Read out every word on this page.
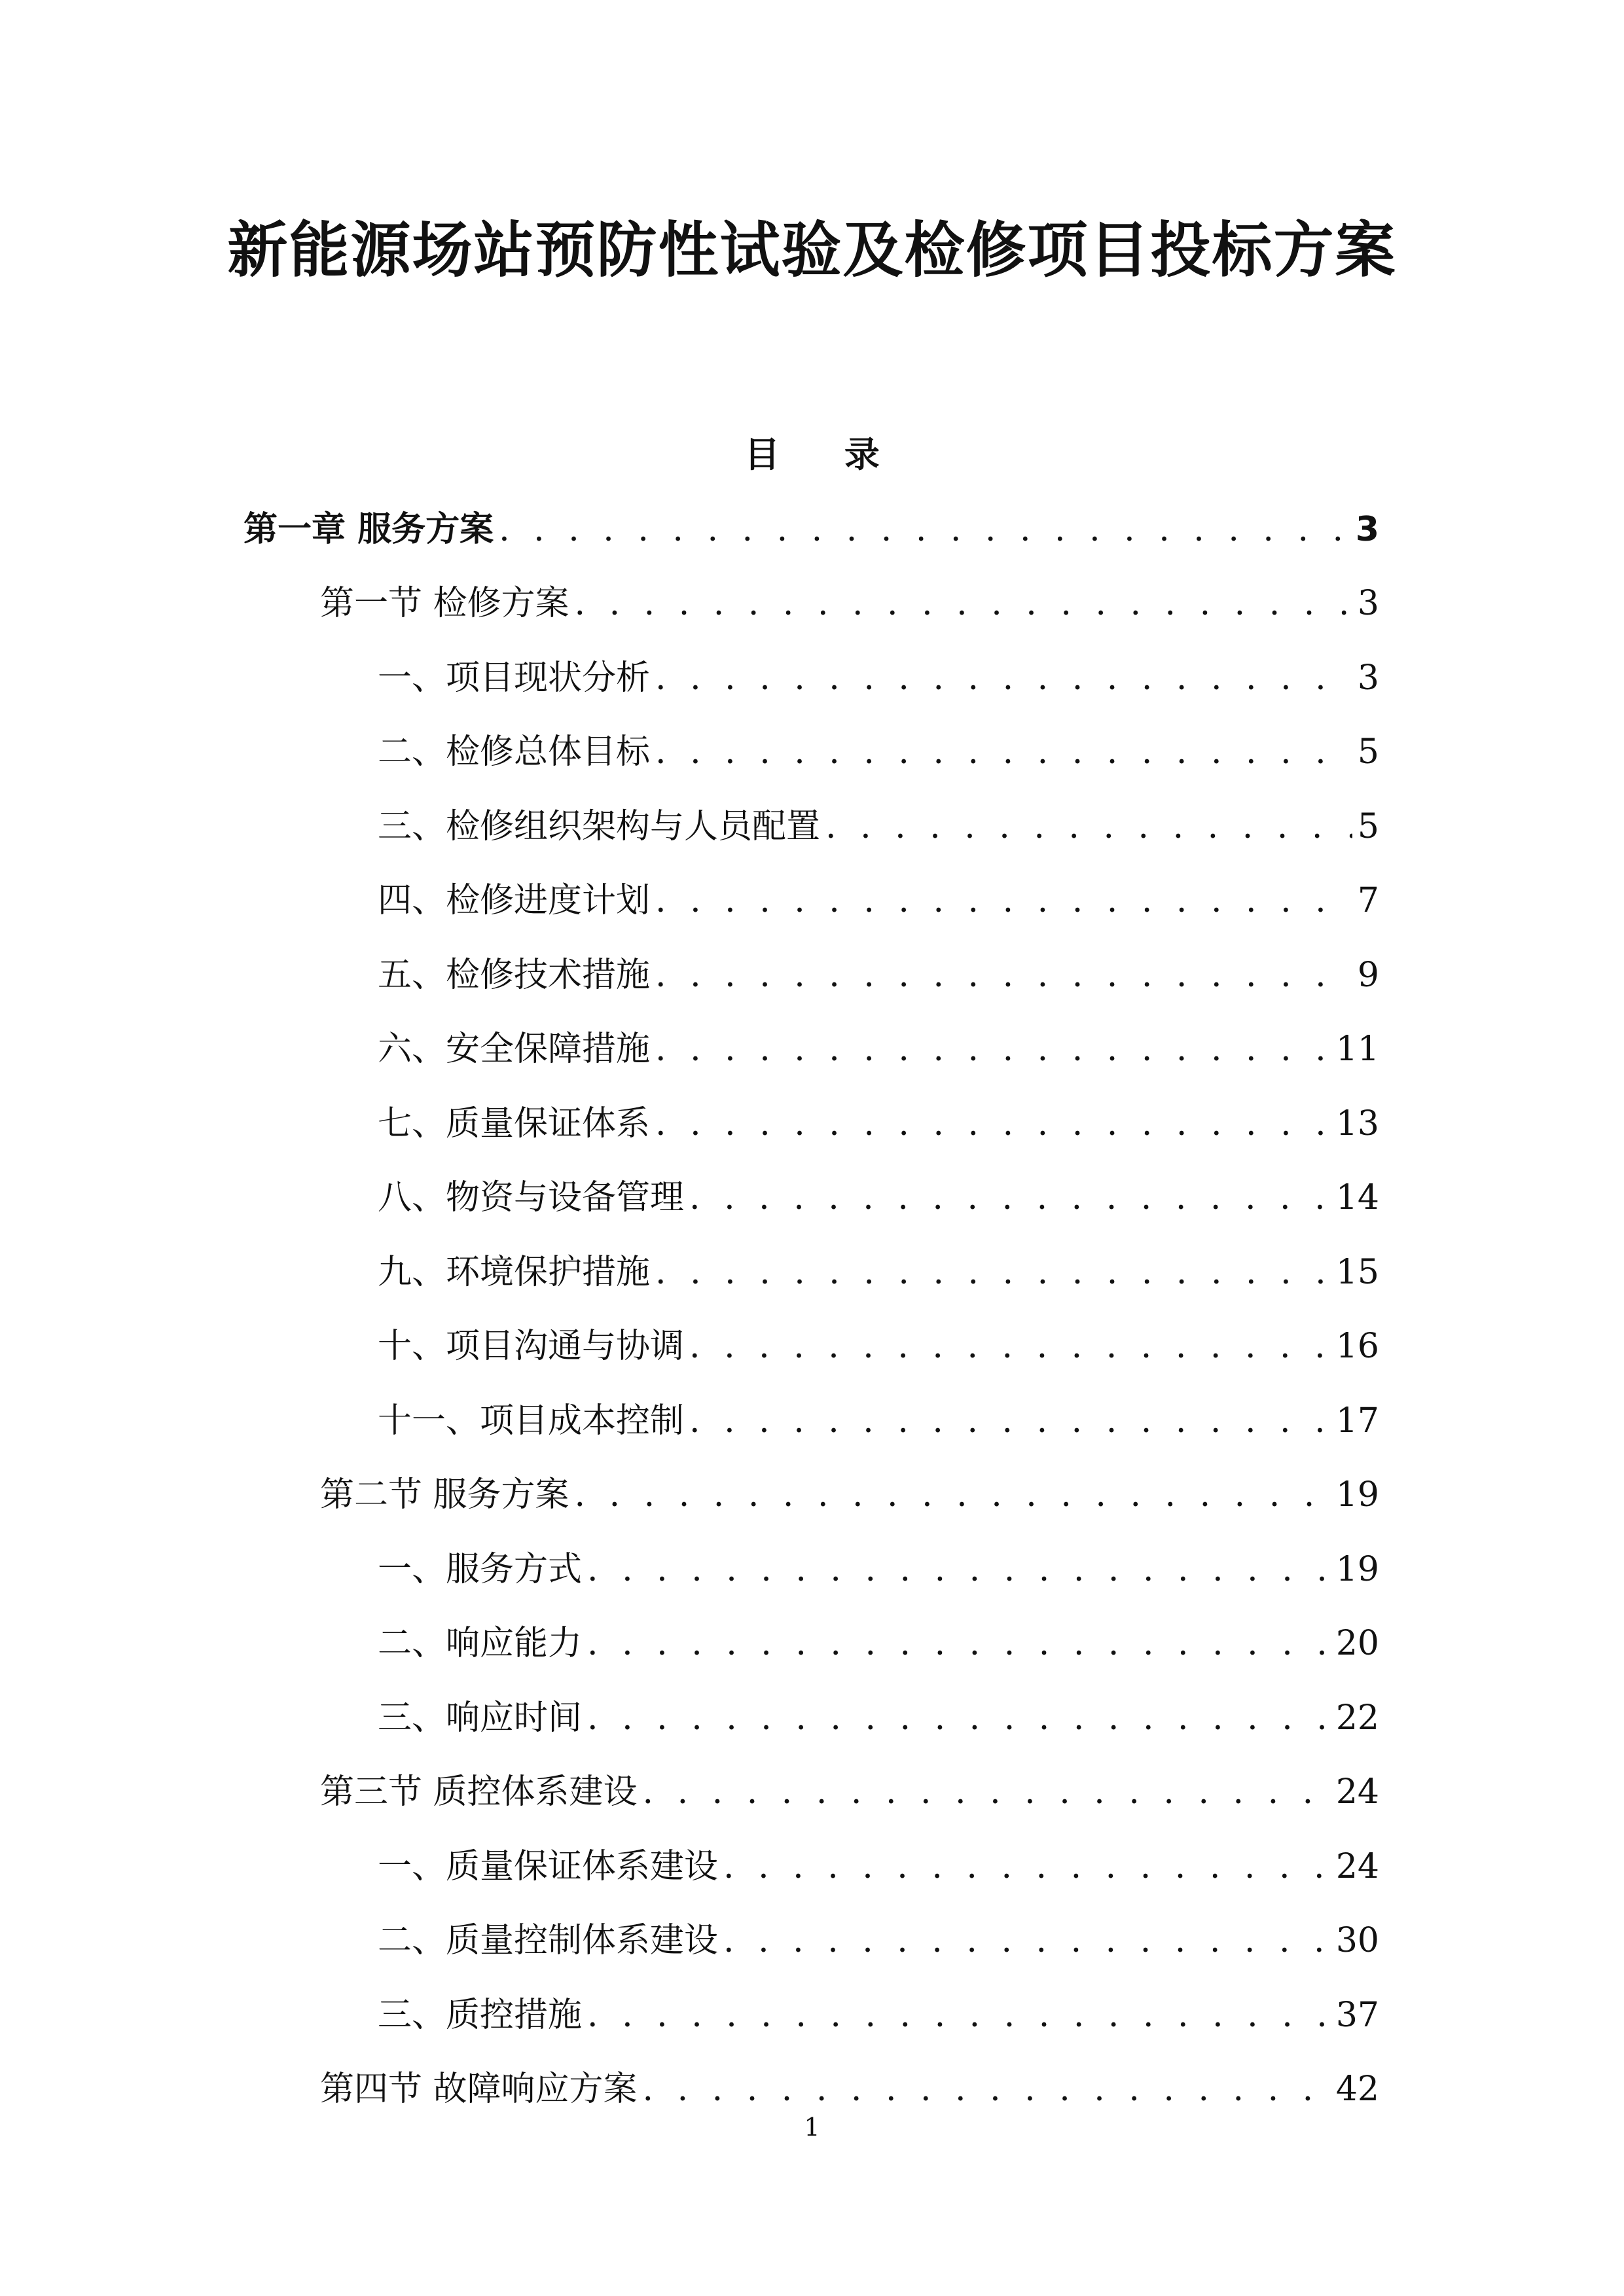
新能源场站预防性试验及检修项目投标方案
目 录
第一章 服务方案 . . .	3
第一节 检修方案 . . .	3
一、项目现状分析 . . .	3
二、检修总体目标 . . .	5
三、检修组织架构与人员配置 . . .	5
四、检修进度计划 . . .	7
五、检修技术措施 . . .	9
六、安全保障措施 . . .	11
七、质量保证体系 . . .	13
八、物资与设备管理 . . .	14
九、环境保护措施 . . .	15
十、项目沟通与协调 . . .	16
十一、项目成本控制 . . .	17
第二节 服务方案 . . .	19
一、服务方式 . . .	19
二、响应能力 . . .	20
三、响应时间 . . .	22
第三节 质控体系建设 . . .	24
一、质量保证体系建设 . . .	24
二、质量控制体系建设 . . .	30
三、质控措施 . . .	37
第四节 故障响应方案 . . .	42
1
